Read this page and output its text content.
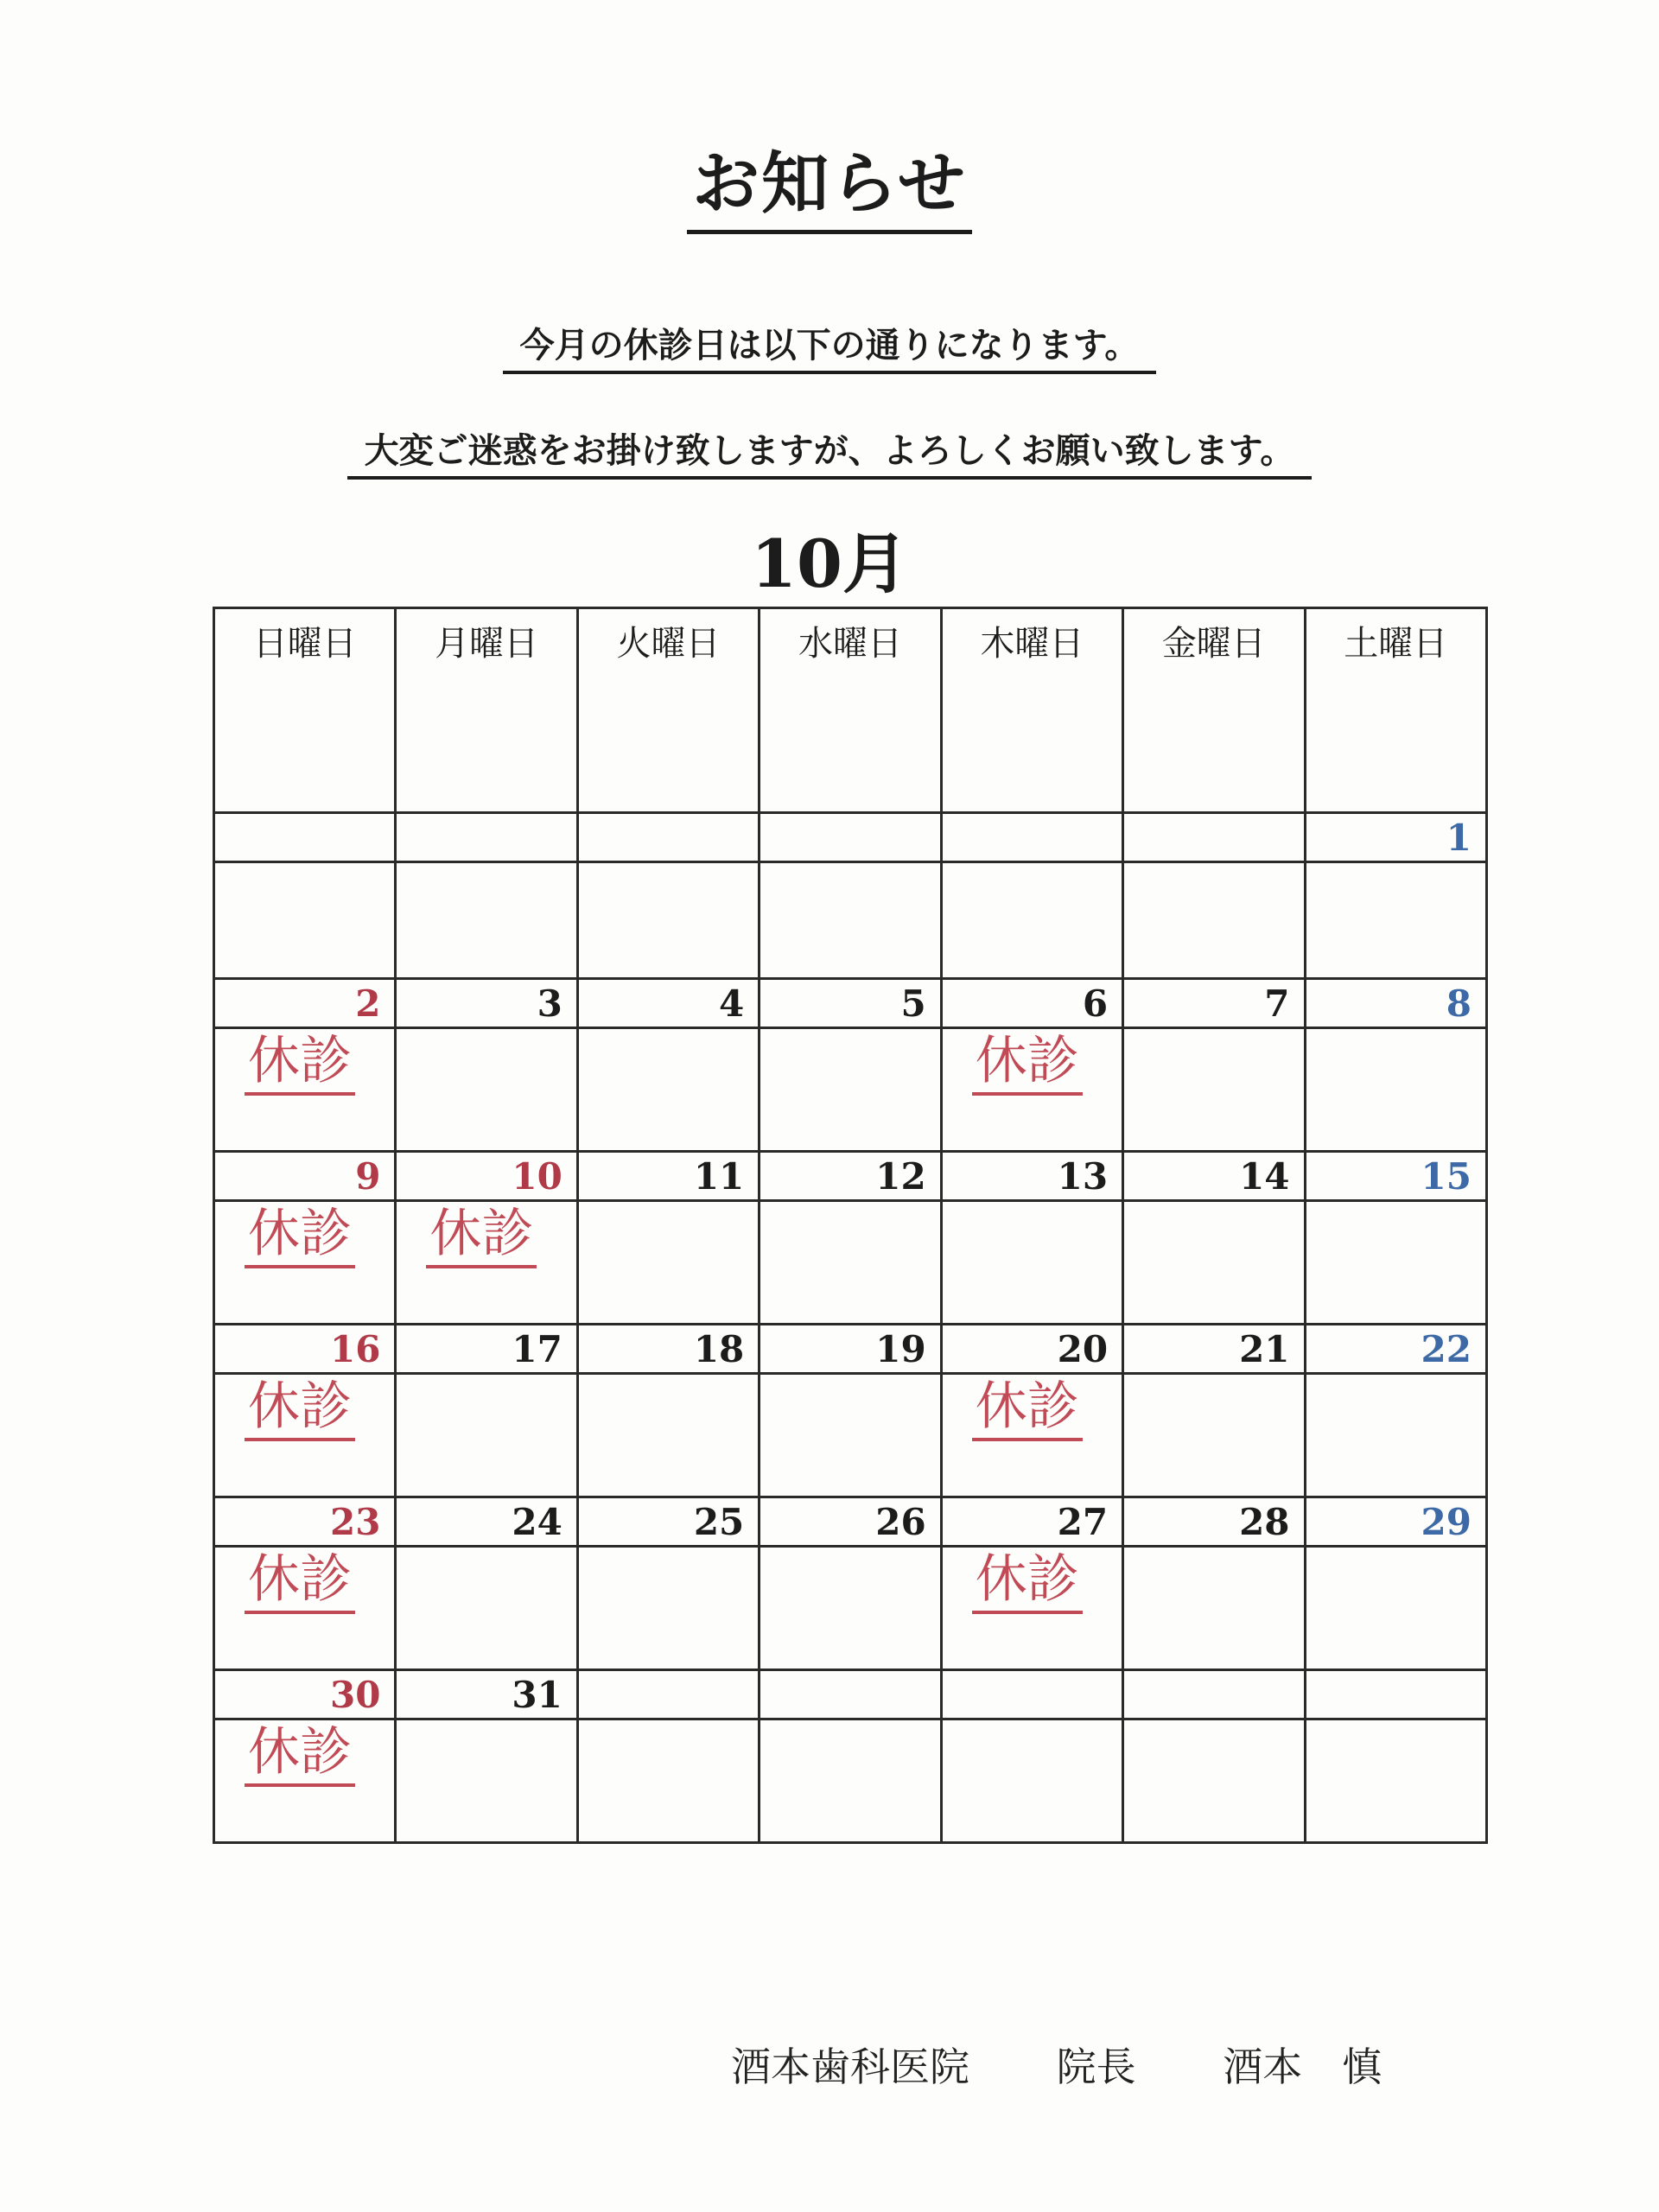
お知らせ
今月の休診日は以下の通りになります。
大変ご迷惑をお掛け致しますが、よろしくお願い致します。
10月
日曜日	月曜日	火曜日	水曜日	木曜日	金曜日	土曜日
						1

2	3	4	5	6	7	8
休診				休診		
9	10	11	12	13	14	15
休診	休診					
16	17	18	19	20	21	22
休診				休診		
23	24	25	26	27	28	29
休診				休診		
30	31					
休診						
酒本歯科医院 院長 酒本　慎
